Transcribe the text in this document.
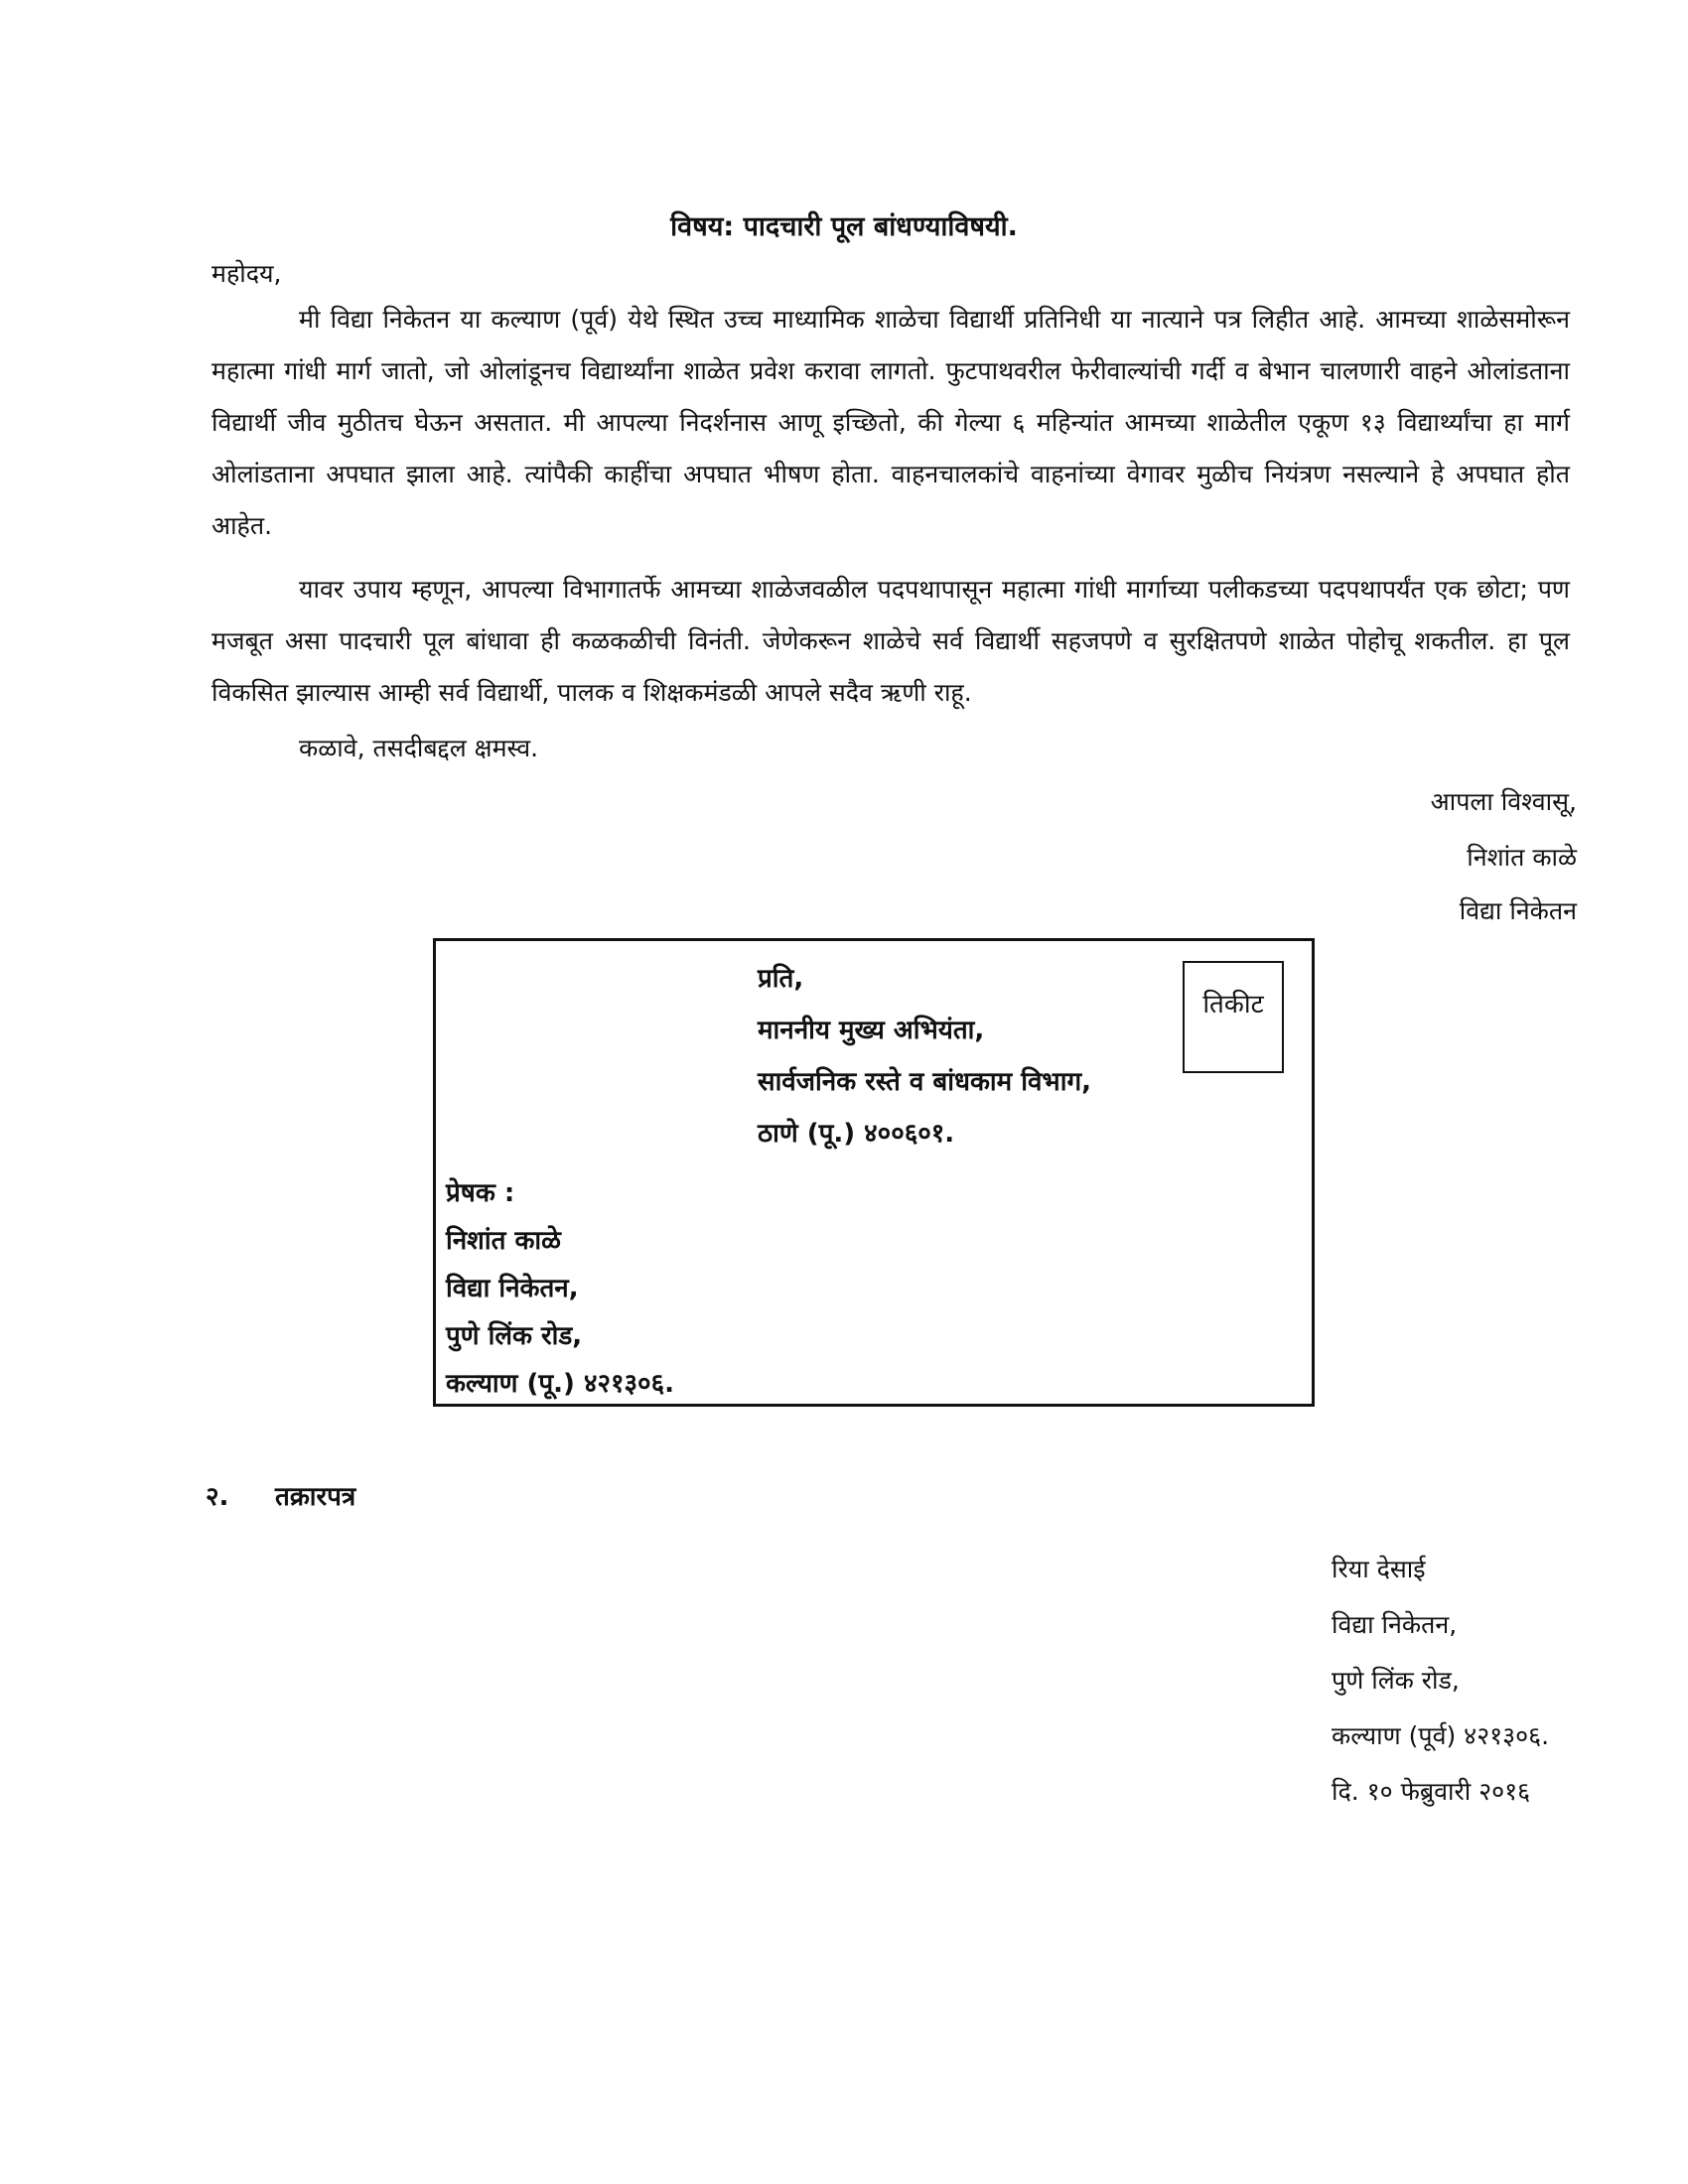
विषय: पादचारी पूल बांधण्याविषयी.
महोदय,

मी विद्या निकेतन या कल्याण (पूर्व) येथे स्थित उच्च माध्यामिक शाळेचा विद्यार्थी प्रतिनिधी या नात्याने पत्र लिहीत आहे. आमच्या शाळेसमोरून महात्मा गांधी मार्ग जातो, जो ओलांडूनच विद्यार्थ्यांना शाळेत प्रवेश करावा लागतो. फुटपाथवरील फेरीवाल्यांची गर्दी व बेभान चालणारी वाहने ओलांडताना विद्यार्थी जीव मुठीतच घेऊन असतात. मी आपल्या निदर्शनास आणू इच्छितो, की गेल्या ६ महिन्यांत आमच्या शाळेतील एकूण १३ विद्यार्थ्यांचा हा मार्ग ओलांडताना अपघात झाला आहे. त्यांपैकी काहींचा अपघात भीषण होता. वाहनचालकांचे वाहनांच्या वेगावर मुळीच नियंत्रण नसल्याने हे अपघात होत आहेत.

यावर उपाय म्हणून, आपल्या विभागातर्फे आमच्या शाळेजवळील पदपथापासून महात्मा गांधी मार्गाच्या पलीकडच्या पदपथापर्यंत एक छोटा; पण मजबूत असा पादचारी पूल बांधावा ही कळकळीची विनंती. जेणेकरून शाळेचे सर्व विद्यार्थी सहजपणे व सुरक्षितपणे शाळेत पोहोचू शकतील. हा पूल विकसित झाल्यास आम्ही सर्व विद्यार्थी, पालक व शिक्षकमंडळी आपले सदैव ऋणी राहू.

कळावे, तसदीबद्दल क्षमस्व.

आपला विश्वासू,
निशांत काळे
विद्या निकेतन
प्रति,
माननीय मुख्य अभियंता,
सार्वजनिक रस्ते व बांधकाम विभाग,
ठाणे (पू.) ४००६०१.
तिकीट
प्रेषक :
निशांत काळे
विद्या निकेतन,
पुणे लिंक रोड,
कल्याण (पू.) ४२१३०६.
२. तक्रारपत्र
रिया देसाई
विद्या निकेतन,
पुणे लिंक रोड,
कल्याण (पूर्व) ४२१३०६.
दि. १० फेब्रुवारी २०१६
